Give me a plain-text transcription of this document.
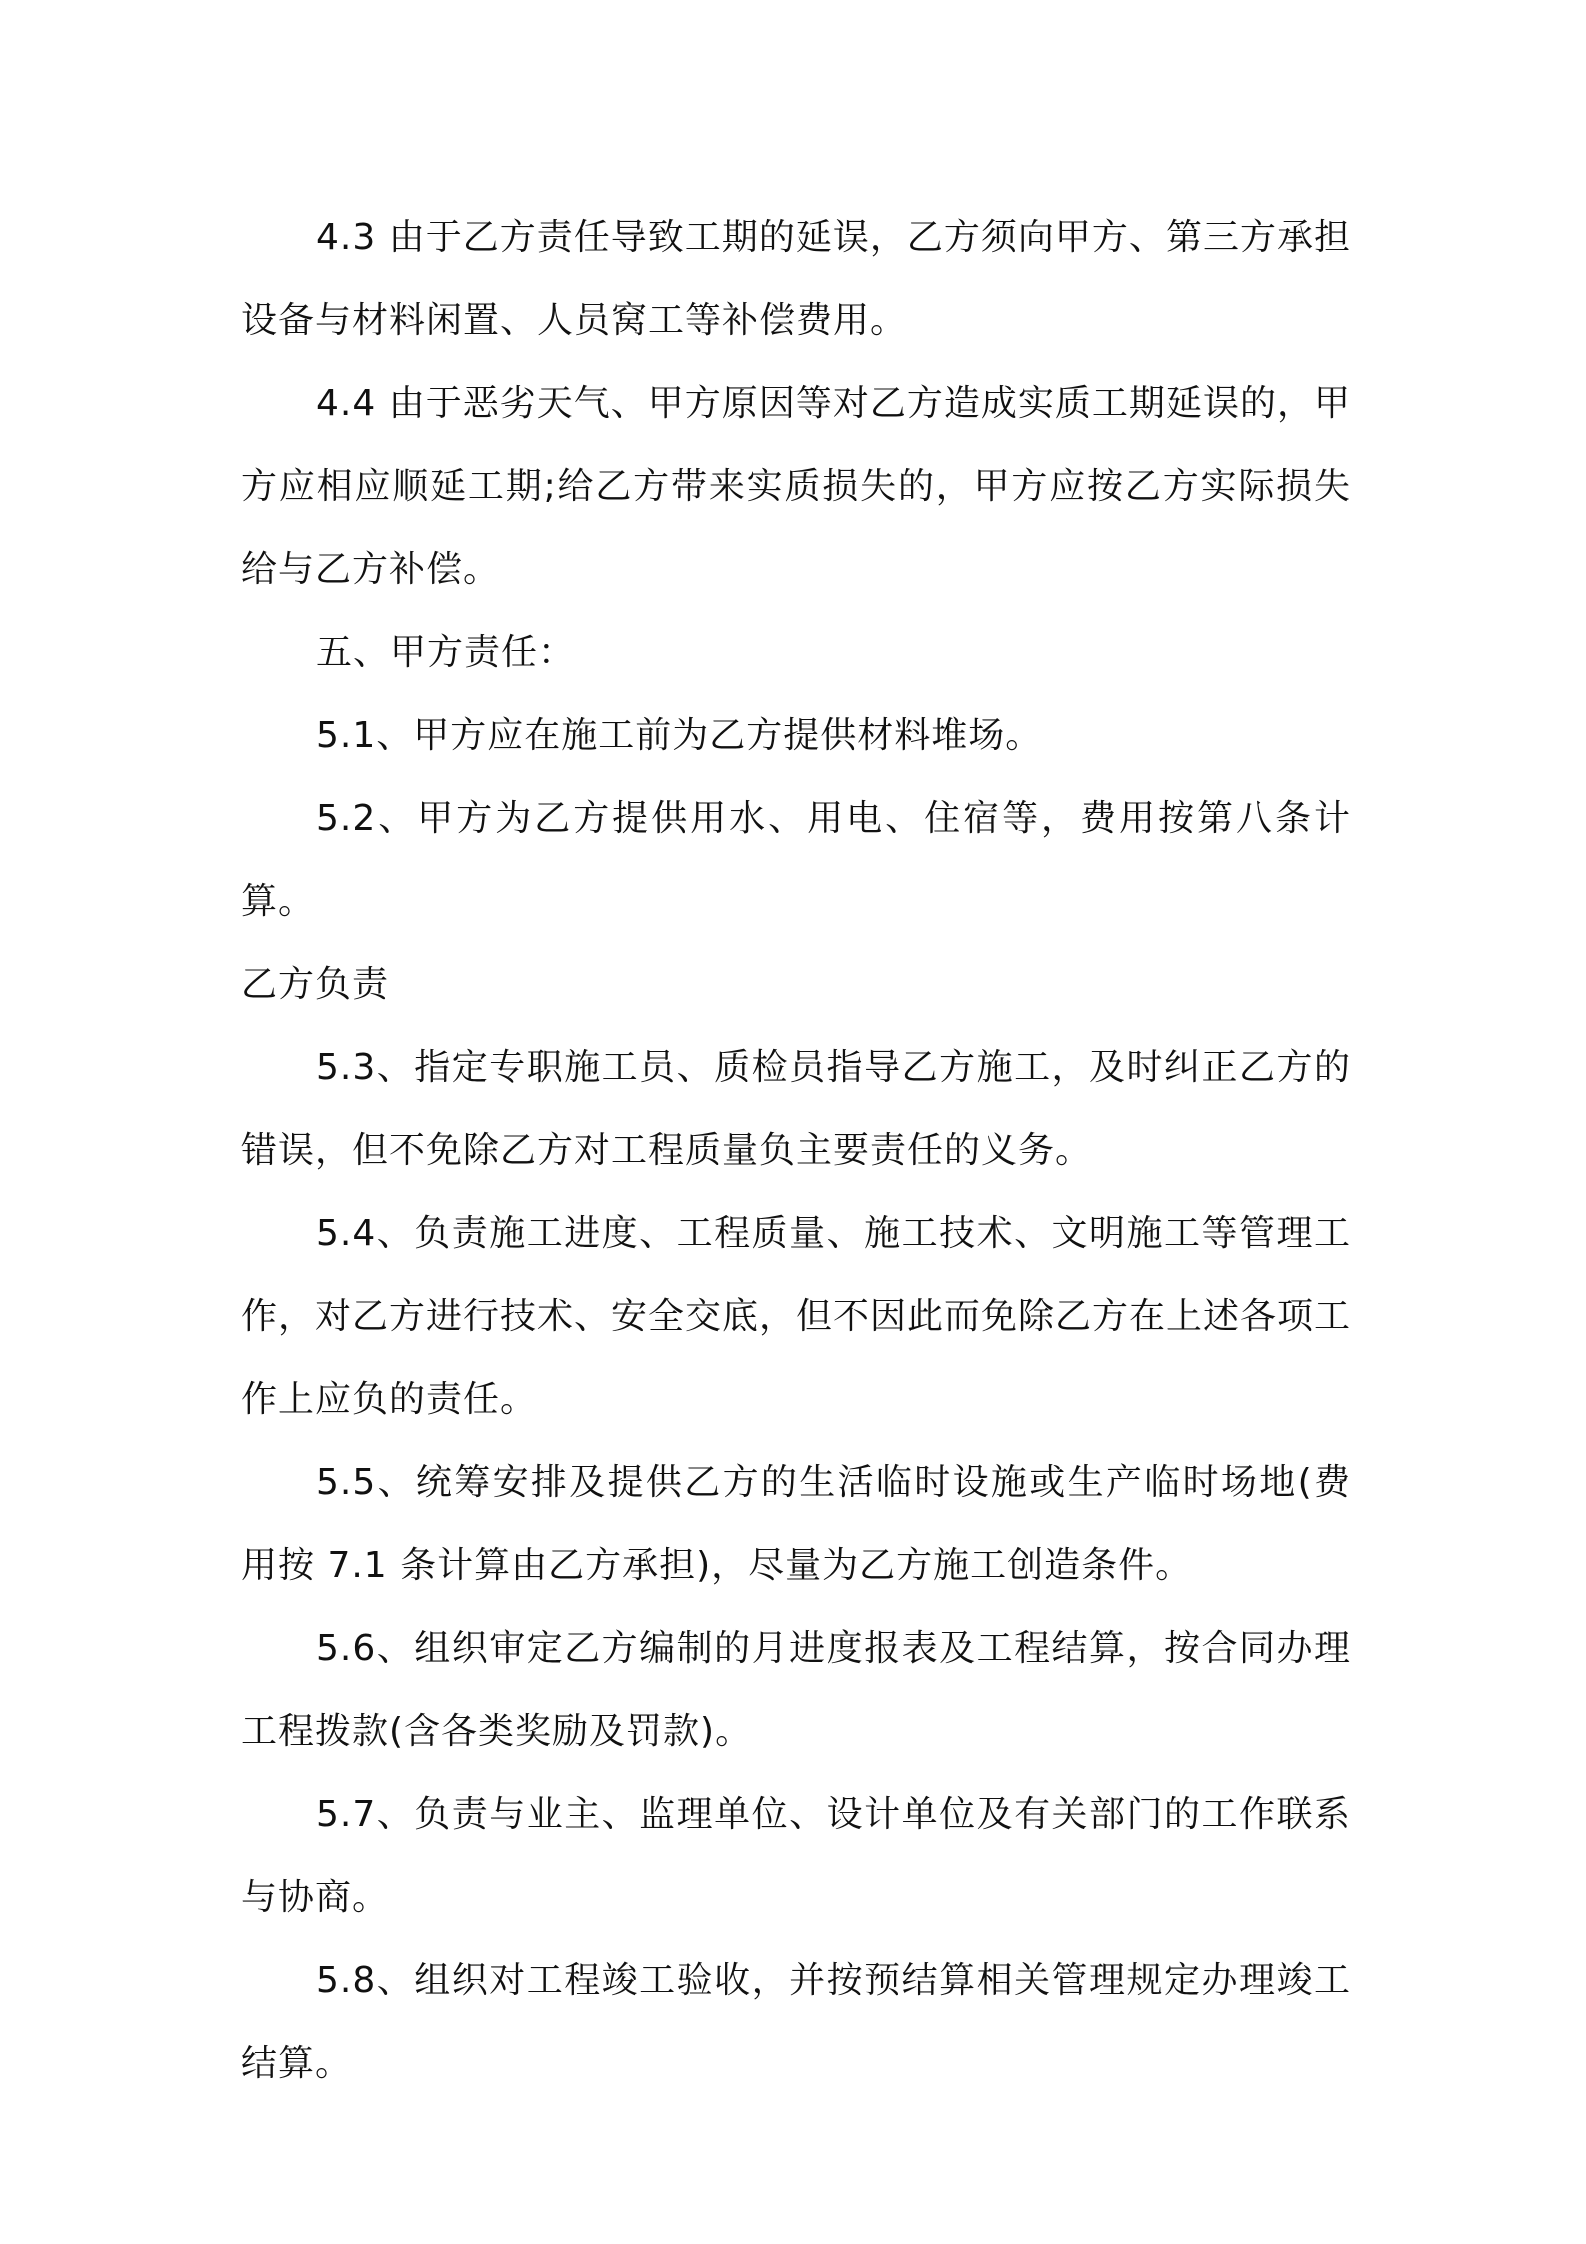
4.3 由于乙方责任导致工期的延误，乙方须向甲方、第三方承担设备与材料闲置、人员窝工等补偿费用。

4.4 由于恶劣天气、甲方原因等对乙方造成实质工期延误的，甲方应相应顺延工期;给乙方带来实质损失的，甲方应按乙方实际损失给与乙方补偿。

五、甲方责任：

5.1、甲方应在施工前为乙方提供材料堆场。

5.2、甲方为乙方提供用水、用电、住宿等，费用按第八条计算。

乙方负责

5.3、指定专职施工员、质检员指导乙方施工，及时纠正乙方的错误，但不免除乙方对工程质量负主要责任的义务。

5.4、负责施工进度、工程质量、施工技术、文明施工等管理工作，对乙方进行技术、安全交底，但不因此而免除乙方在上述各项工作上应负的责任。

5.5、统筹安排及提供乙方的生活临时设施或生产临时场地(费用按 7.1 条计算由乙方承担)，尽量为乙方施工创造条件。

5.6、组织审定乙方编制的月进度报表及工程结算，按合同办理工程拨款(含各类奖励及罚款)。

5.7、负责与业主、监理单位、设计单位及有关部门的工作联系与协商。

5.8、组织对工程竣工验收，并按预结算相关管理规定办理竣工结算。
